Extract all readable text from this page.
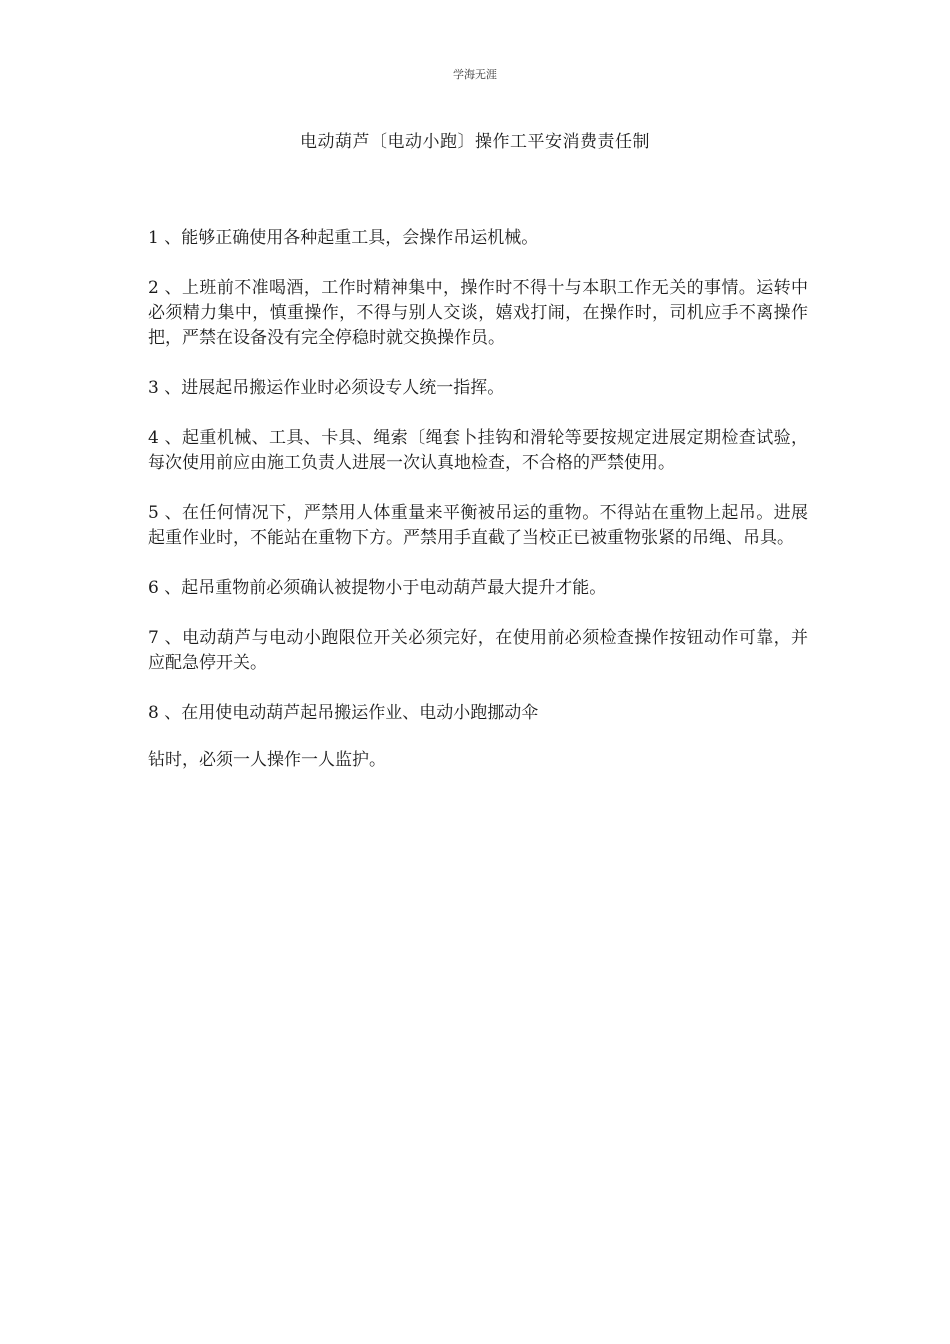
学海无涯
电动葫芦〔电动小跑〕操作工平安消费责任制

1 、能够正确使用各种起重工具，会操作吊运机械。

2 、上班前不准喝酒，工作时精神集中，操作时不得十与本职工作无关的事情。运转中必须精力集中，慎重操作，不得与别人交谈，嬉戏打闹，在操作时，司机应手不离操作把，严禁在设备没有完全停稳时就交换操作员。

3 、进展起吊搬运作业时必须设专人统一指挥。

4 、起重机械、工具、卡具、绳索〔绳套卜挂钩和滑轮等要按规定进展定期检查试验，每次使用前应由施工负责人进展一次认真地检查，不合格的严禁使用。

5 、在任何情况下，严禁用人体重量来平衡被吊运的重物。不得站在重物上起吊。进展起重作业时，不能站在重物下方。严禁用手直截了当校正已被重物张紧的吊绳、吊具。

6 、起吊重物前必须确认被提物小于电动葫芦最大提升才能。

7 、电动葫芦与电动小跑限位开关必须完好，在使用前必须检查操作按钮动作可靠，并应配急停开关。

8 、在用使电动葫芦起吊搬运作业、电动小跑挪动伞

钻时，必须一人操作一人监护。
